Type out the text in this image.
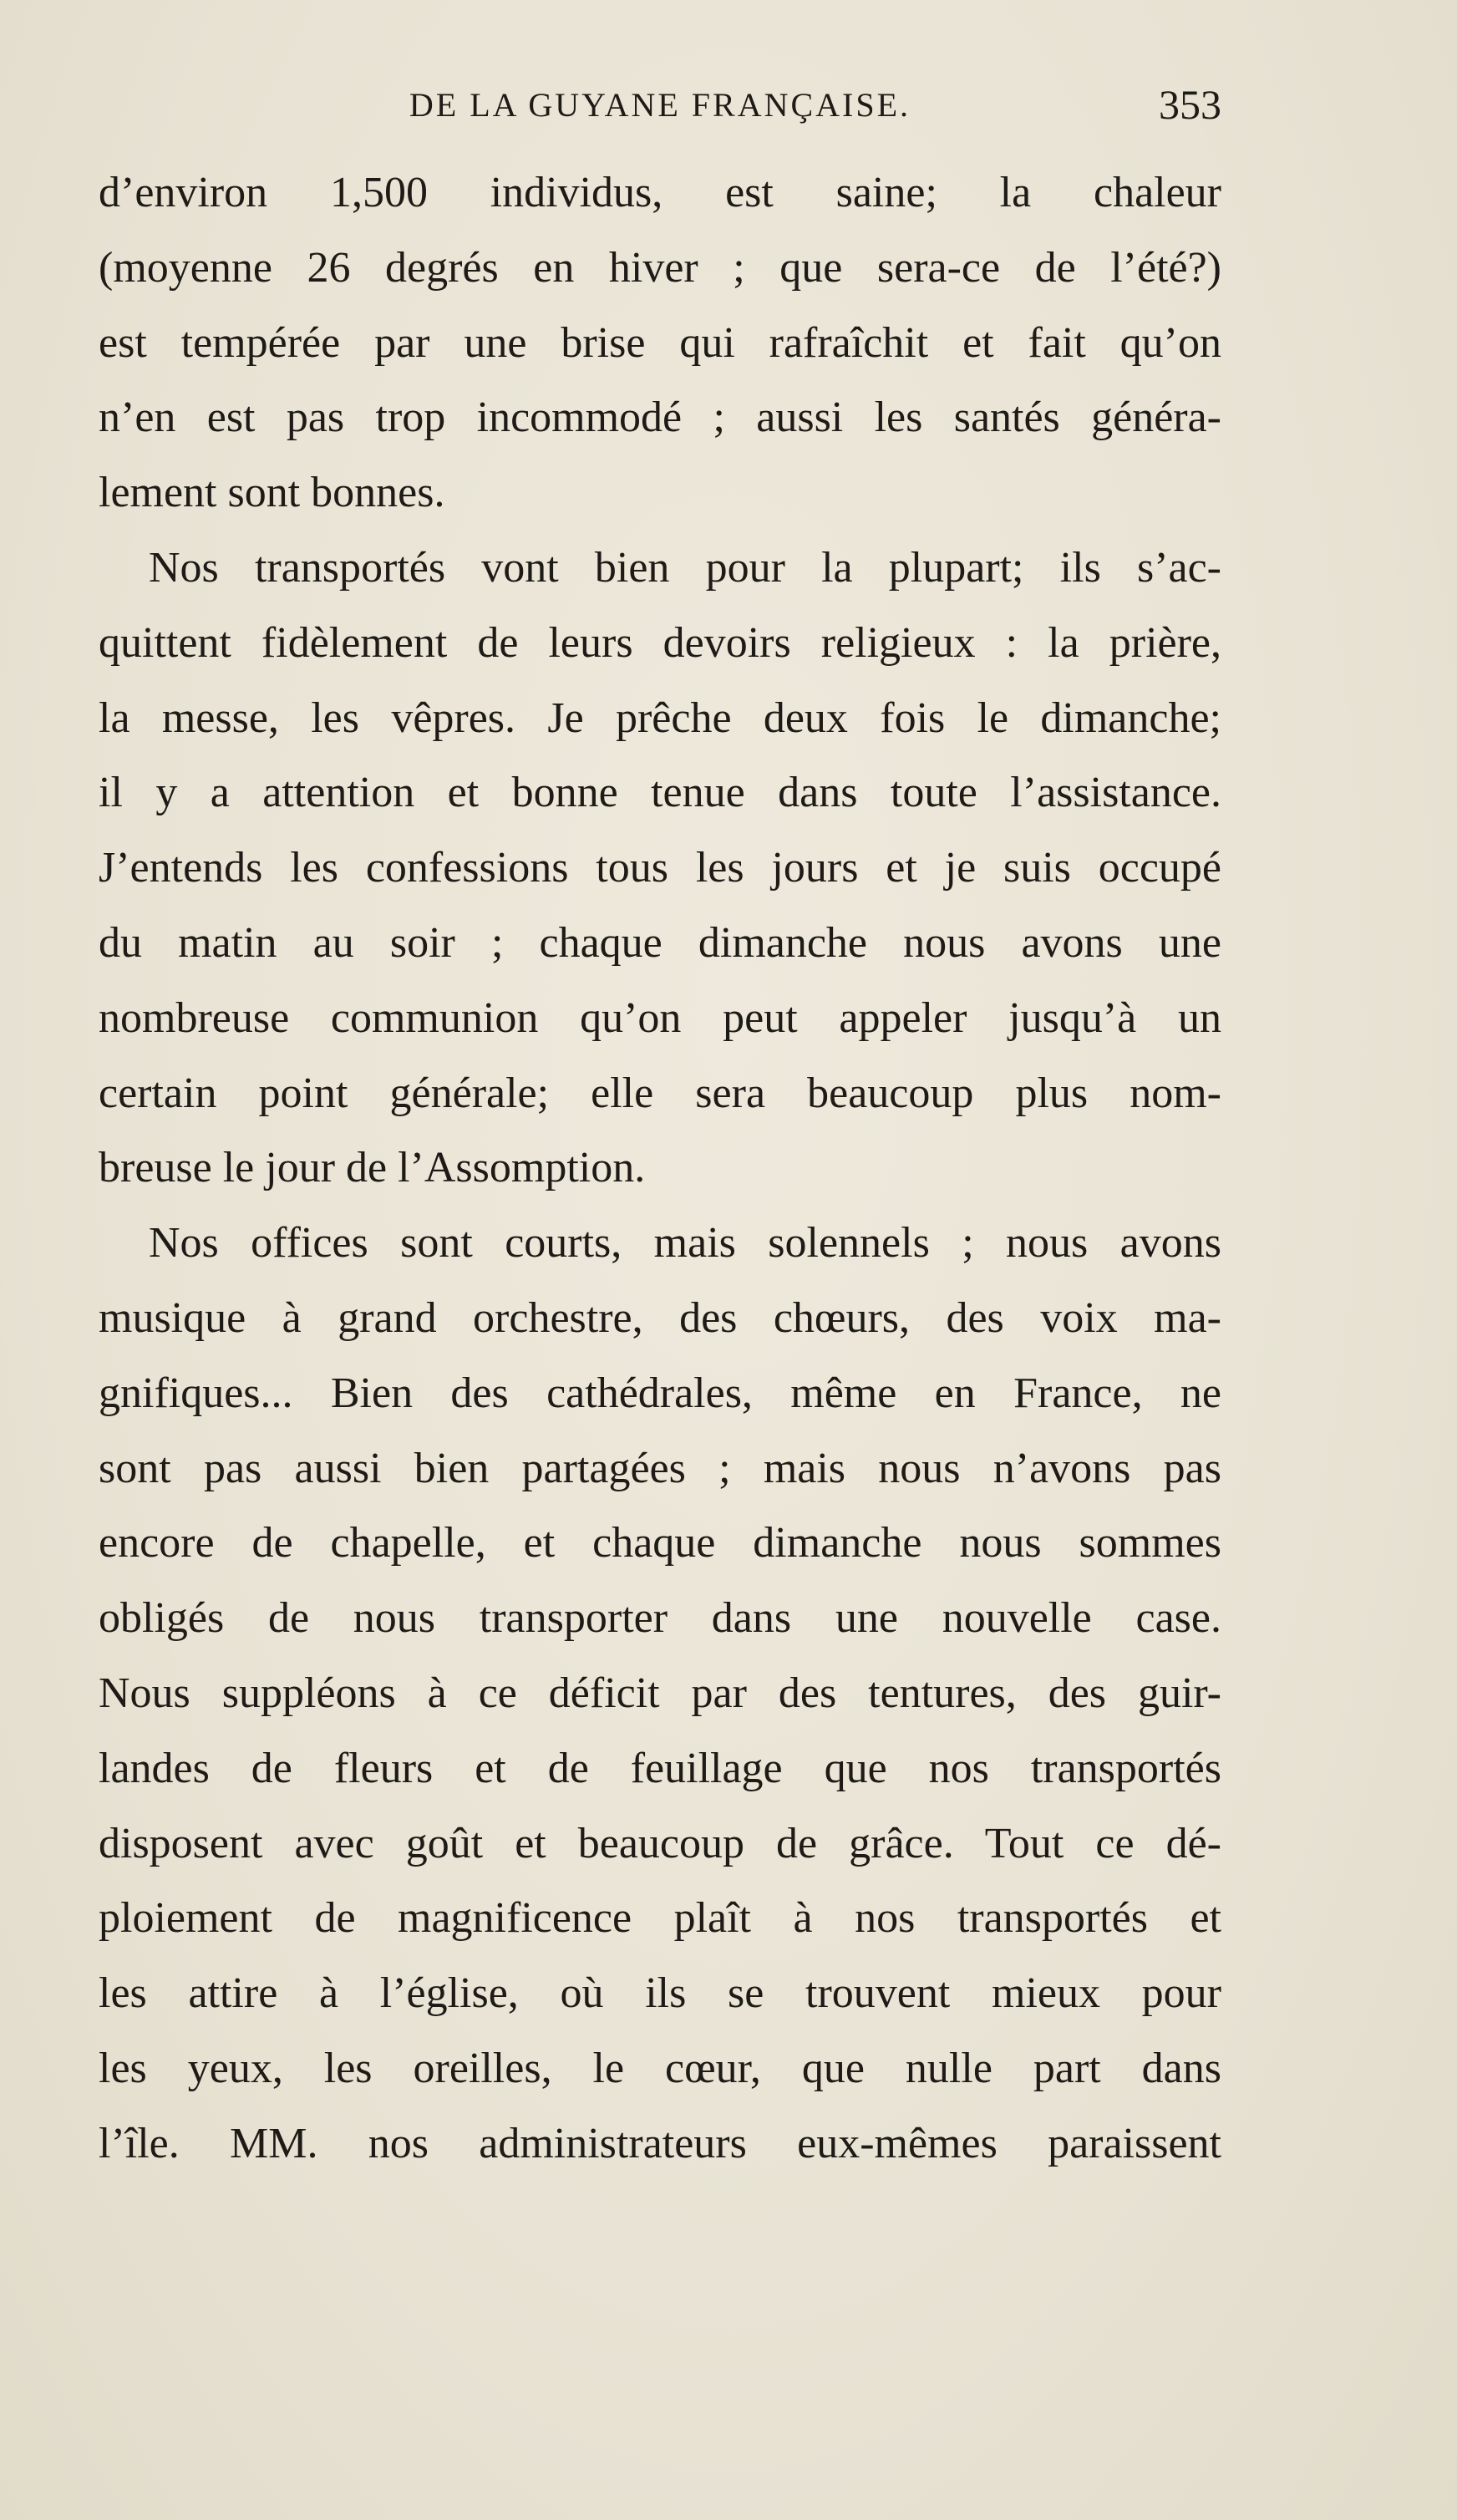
DE LA GUYANE FRANÇAISE.	353
d’environ 1,500 individus, est saine; la chaleur
(moyenne 26 degrés en hiver ; que sera-ce de l’été?)
est tempérée par une brise qui rafraîchit et fait qu’on
n’en est pas trop incommodé ; aussi les santés généra-
lement sont bonnes.
Nos transportés vont bien pour la plupart; ils s’ac-
quittent fidèlement de leurs devoirs religieux : la prière,
la messe, les vêpres. Je prêche deux fois le dimanche;
il y a attention et bonne tenue dans toute l’assistance.
J’entends les confessions tous les jours et je suis occupé
du matin au soir ; chaque dimanche nous avons une
nombreuse communion qu’on peut appeler jusqu’à un
certain point générale; elle sera beaucoup plus nom-
breuse le jour de l’Assomption.
Nos offices sont courts, mais solennels ; nous avons
musique à grand orchestre, des chœurs, des voix ma-
gnifiques... Bien des cathédrales, même en France, ne
sont pas aussi bien partagées ; mais nous n’avons pas
encore de chapelle, et chaque dimanche nous sommes
obligés de nous transporter dans une nouvelle case.
Nous suppléons à ce déficit par des tentures, des guir-
landes de fleurs et de feuillage que nos transportés
disposent avec goût et beaucoup de grâce. Tout ce dé-
ploiement de magnificence plaît à nos transportés et
les attire à l’église, où ils se trouvent mieux pour
les yeux, les oreilles, le cœur, que nulle part dans
l’île. MM. nos administrateurs eux-mêmes paraissent
